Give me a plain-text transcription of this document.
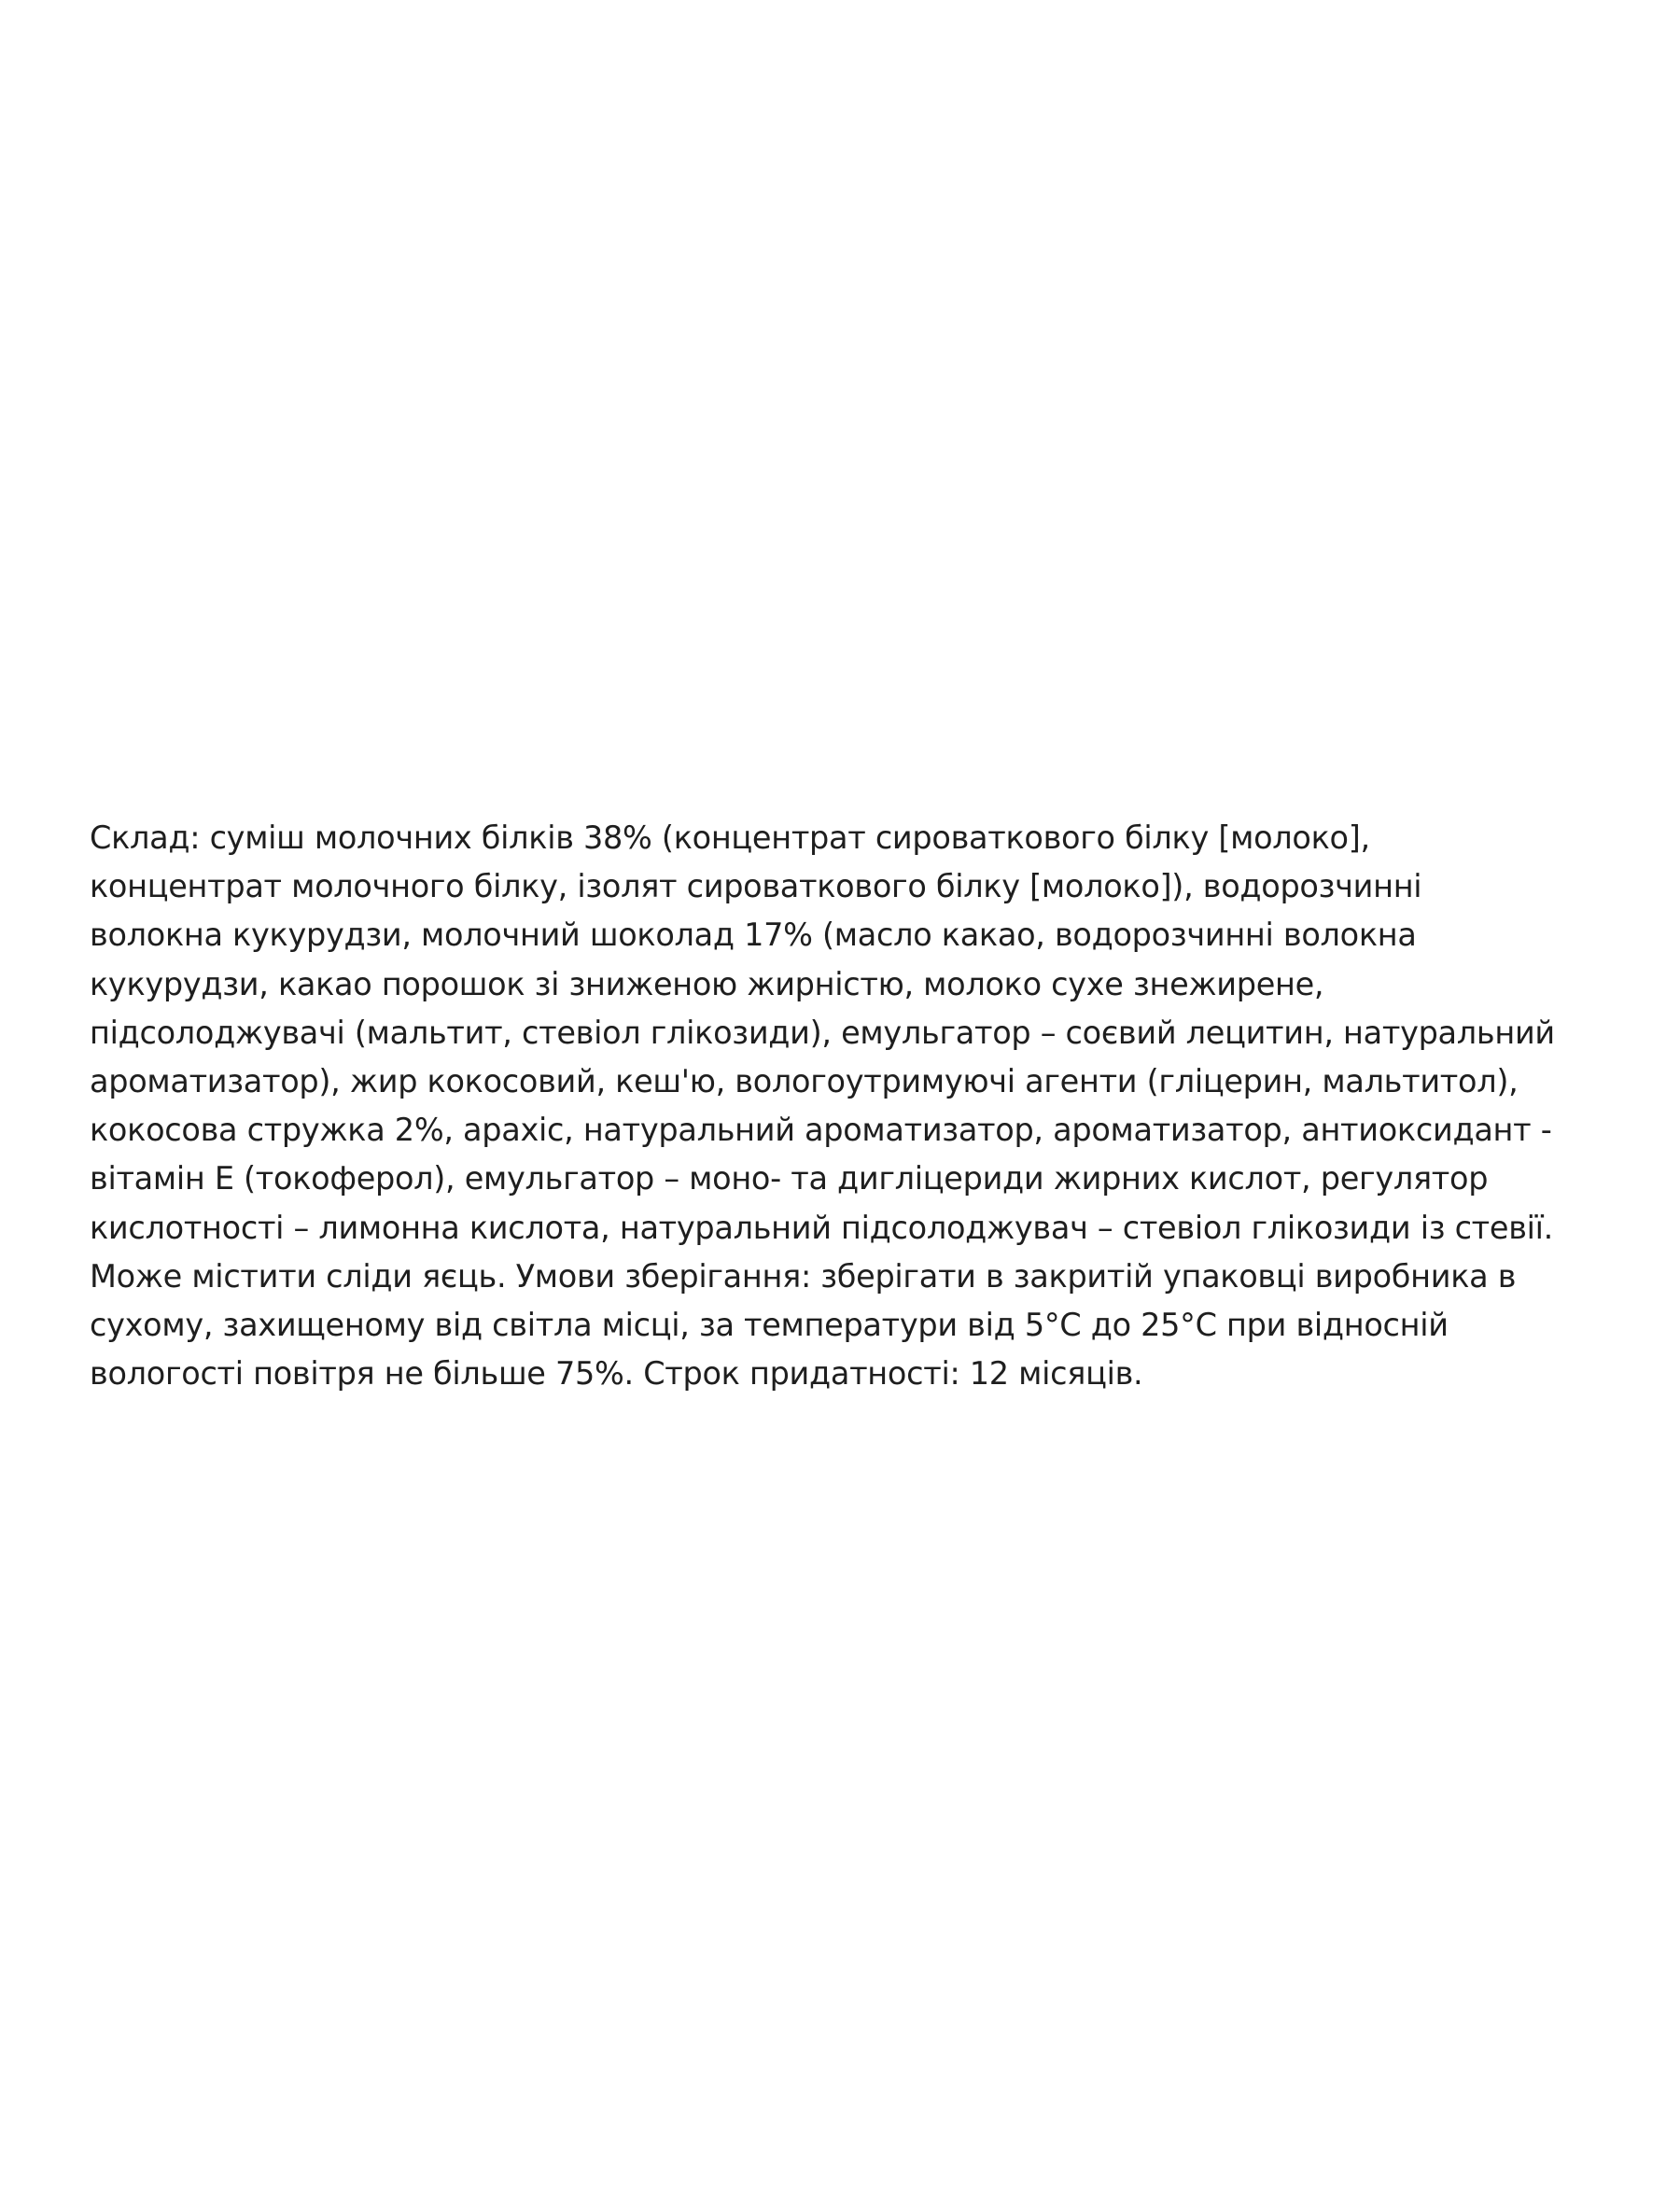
Склад: суміш молочних білків 38% (концентрат сироваткового білку [молоко],
концентрат молочного білку, ізолят сироваткового білку [молоко]), водорозчинні
волокна кукурудзи, молочний шоколад 17% (масло какао, водорозчинні волокна
кукурудзи, какао порошок зі зниженою жирністю, молоко сухе знежирене,
підсолоджувачі (мальтит, стевіол глікозиди), емульгатор – соєвий лецитин, натуральний
ароматизатор), жир кокосовий, кеш'ю, вологоутримуючі агенти (гліцерин, мальтитол),
кокосова стружка 2%, арахіс, натуральний ароматизатор, ароматизатор, антиоксидант -
вітамін Е (токоферол), емульгатор – моно- та дигліцериди жирних кислот, регулятор
кислотності – лимонна кислота, натуральний підсолоджувач – стевіол глікозиди із стевії.
Може містити сліди яєць. Умови зберігання: зберігати в закритій упаковці виробника в
сухому, захищеному від світла місці, за температури від 5°С до 25°С при відносній
вологості повітря не більше 75%. Строк придатності: 12 місяців.
